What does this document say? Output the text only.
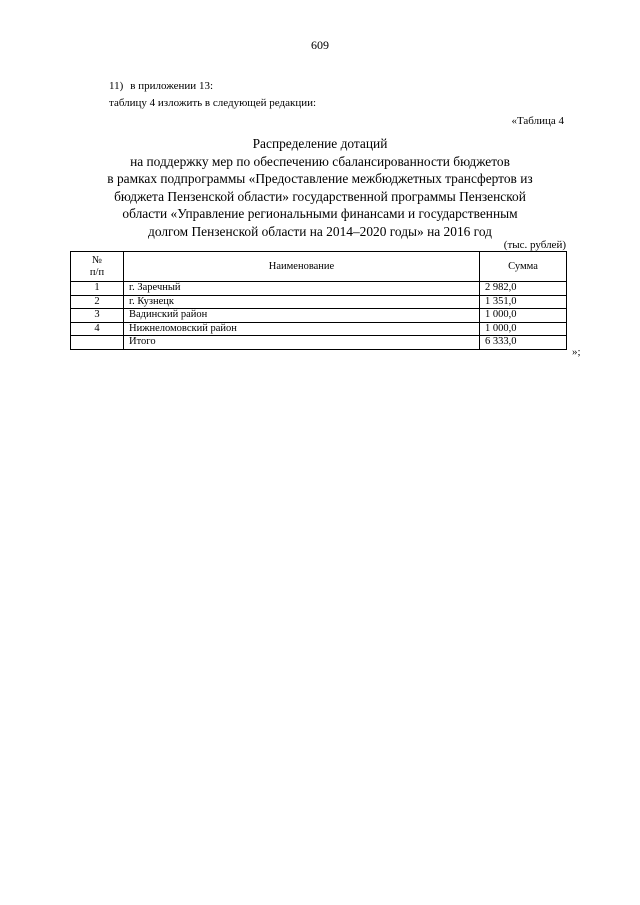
609
11) в приложении 13:
таблицу 4 изложить в следующей редакции:
«Таблица 4
Распределение дотаций
на поддержку мер по обеспечению сбалансированности бюджетов
в рамках подпрограммы «Предоставление межбюджетных трансфертов из
бюджета Пензенской области» государственной программы Пензенской
области «Управление региональными финансами и государственным
долгом Пензенской области на 2014–2020 годы» на 2016 год
(тыс. рублей)
№
п/п	Наименование	Сумма
1	г. Заречный	2 982,0
2	г. Кузнецк	1 351,0
3	Вадинский район	1 000,0
4	Нижнеломовский район	1 000,0
	Итого	6 333,0
»;
